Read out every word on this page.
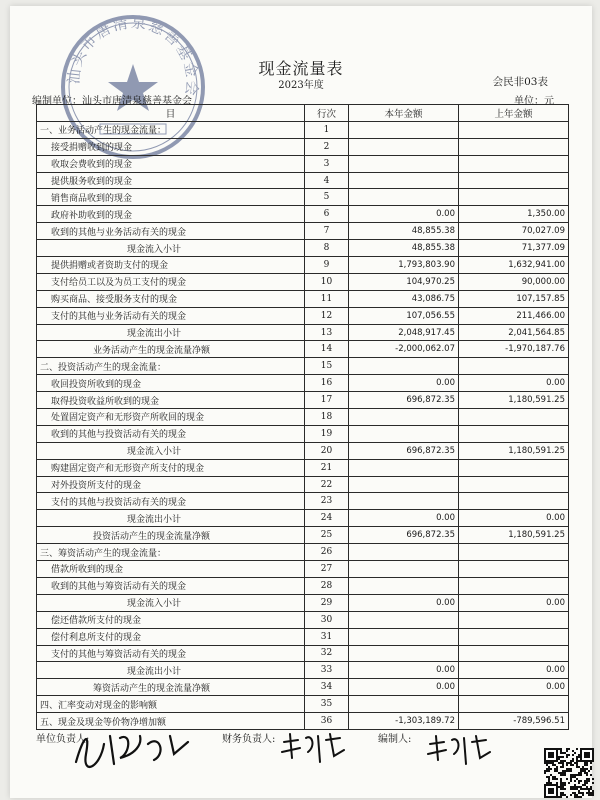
汕头市唐清泉慈善基金会
现金流量表
2023年度	会民非03表
编制单位：汕头市唐清泉慈善基金会	单位：元
目	行次	本年金额	上年金额
一、业务活动产生的现金流量：	1		
接受捐赠收到的现金	2		
收取会费收到的现金	3		
提供服务收到的现金	4		
销售商品收到的现金	5		
政府补助收到的现金	6	0.00	1,350.00
收到的其他与业务活动有关的现金	7	48,855.38	70,027.09
现金流入小计	8	48,855.38	71,377.09
提供捐赠或者资助支付的现金	9	1,793,803.90	1,632,941.00
支付给员工以及为员工支付的现金	10	104,970.25	90,000.00
购买商品、接受服务支付的现金	11	43,086.75	107,157.85
支付的其他与业务活动有关的现金	12	107,056.55	211,466.00
现金流出小计	13	2,048,917.45	2,041,564.85
业务活动产生的现金流量净额	14	-2,000,062.07	-1,970,187.76
二、投资活动产生的现金流量：	15		
收回投资所收到的现金	16	0.00	0.00
取得投资收益所收到的现金	17	696,872.35	1,180,591.25
处置固定资产和无形资产所收回的现金	18		
收到的其他与投资活动有关的现金	19		
现金流入小计	20	696,872.35	1,180,591.25
购建固定资产和无形资产所支付的现金	21		
对外投资所支付的现金	22		
支付的其他与投资活动有关的现金	23		
现金流出小计	24	0.00	0.00
投资活动产生的现金流量净额	25	696,872.35	1,180,591.25
三、筹资活动产生的现金流量：	26		
借款所收到的现金	27		
收到的其他与筹资活动有关的现金	28		
现金流入小计	29	0.00	0.00
偿还借款所支付的现金	30		
偿付利息所支付的现金	31		
支付的其他与筹资活动有关的现金	32		
现金流出小计	33	0.00	0.00
筹资活动产生的现金流量净额	34	0.00	0.00
四、汇率变动对现金的影响额	35		
五、现金及现金等价物净增加额	36	-1,303,189.72	-789,596.51
单位负责人:	财务负责人:	编制人:
